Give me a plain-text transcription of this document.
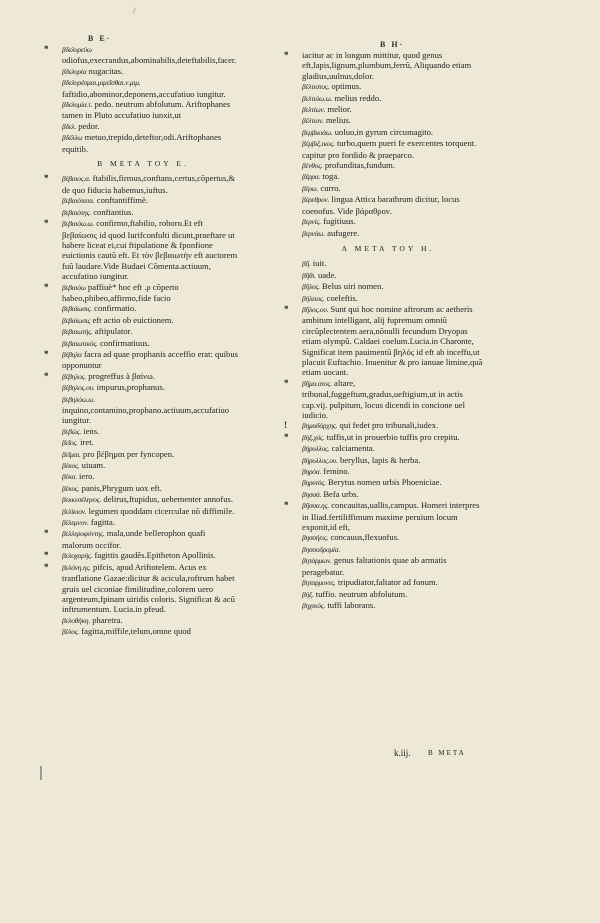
/
B E·
B H·

* βδελυρεύω odiofus,execrandus,abominabilis,deteftabilis,facer.

βδελυρία nugacitas.

βδελυρέσμαι.μιμεῖσθαι.ν.μιμ. faftidio,abominor,deponens,accufatiuo iungitur.

βδελυμία.τ. pedo. neutrum abfolutum. Ariftophanes tamen in Pluto accufatiuo iunxit,ut

βδελ. pedor.

βδέλλω metuo,trepido,deteftor,odi.Ariftophanes equitib.

B META TOY E.

* βέβαιος.α. ftabilis,firmus,conftans,certus,cõpertus,& de quo fiducia habemus,iuftus.

βεβαιότατα. conftantiffimè.

βεβαιότης. conftantius.

* βεβαιόω.ω. confirmo,ftabilio, roboro.Et eft βεβαίωσις id quod Iurifconfulti dicunt,praeftare ut habere liceat ei,cui ftipulatione & fponfione euictionis cautũ eft. Et τὸν βεβαιωτὴν eft auctorem fuũ laudare.Vide Budaei Cõmenta.actiuum, accufatiuo iungitur.

* βεβαιόω paffiuè* hoc eft .ρ cõperto habeo,phibeo,affirmo,fide facio

βεβαίωσις. confirmatio.

βεβαίωσις eft actio ob euictionem.

βεβαιωτής. aftipulator.

βεβαιωτικὸς. confirmatiuus.

* βέβηλα facra ad quae prophanis acceffio erat: quibus opponuntur

* βέβηλος. progreffus à βαίνω.

βέβηλος.ου. impurus,prophanus.

βεβηλόω.ω. inquino,contamino,prophano.actiuum,accufatiuo iungitur.

βεβώς. iens.

βεῖος. iret.

βεῖμαι. pro βέβημαι per fyncopen.

βέκος. uiuam.

βέκα. iero.

βέκος. panis,Phrygum uox eft.

βεκκεσέληνος. delirus,ftupidus, uehementer annofus.

βελίκιον. legumen quoddam cicerculae nõ diffimile.

βέλεμνον. fagitta.

* βελλεροφόντης. mala,unde bellerophon quafi malorum occifor.

* βελοχαρής. fagittis gaudẽs.Epitheton Apollinis.

* βελόνη.ης. pifcis, apud Ariftotelem. Acus ex tranflatione Gazae:dicitur & acicula,roftrum habet gruis uel ciconiae fimilitudine,colorem uero argenteum,fpinam uiridis coloris. Significat & acũ inftrumentum. Lucia.in pfeud.

βελοθήκη. pharetra.

βέλος. fagitta,miffile,telum,omne quod

* iacitur ac in longum mittitur, quod genus eft,lapis,lignum,plumbum,ferrũ, Aliquando etiam gladius,uulnus,dolor.

βέλτιστος. optimus.

βελτιόω.ω. melius reddo.

βελτίων. melior.

βέλτιον. melius.

βεμβικιάω. uoluo,in gyrum circumagito.

βέμβιξ.ικος. turbo,quem pueri fe exercentes torquent. capitur pro fordido & praeparco.

βένθος. profunditas,fundum.

βέρρα. toga.

βέρω. curro.

βέρεθρον. lingua Attica barathrum dicitur, locus coenofus. Vide βάραθρον.

βερνίς. fugitiuus.

βερνάω. aufugere.

A META TOY H.

βῆ. iuit.

βῆθι. uade.

βῆλος. Belus uiri nomen.

βήλειος. coeleftis.

* βῆλος.ου. Sunt qui hoc nomine aftrorum ac aetheris ambitum intelligant, alij fupremum omniũ circũplectentem aera,nõnulli fecundum Dryopas etiam olympũ. Caldaei coelum.Lucia.in Charonte, Significat item pauimentũ βηλός id eft ab inceffu,ut placuit Euftachio. Inuenitur & pro ianuae limine,quã etiam uocant.

* βῆμα.ατος. altare, tribunal,fuggeftum,gradus,ueftigium,ut in actis cap.vij. pulpitum, locus dicendi in concione uel iudicio.

! βημαδάρχης. qui fedet pro tribunali,iudex.

* βήξ.χός. tuffis,ut in prouerbio tuffis pro crepitu.

βήρυλλος. calciamenta.

βήρυλλος.ου. beryllus, lapis & herba.

βηρόα. femino.

βηρυτὸς. Berytus nomen urbis Phoeniciae.

βησσὰ. Befa urbs.

* βῆσσα.ης. concauitas,uallis,campus. Homeri interpres in Iliad.fertiliffimum maxime peruium locum exponit,id eft,

βησσήεις. concauus,flexuofus.

βησσοδρομία.

βητάρμων. genus faltationis quae ab armatis peragebatur.

βηταρμονες. tripudiator,faltator ad fonum.

βήξ. tuffio. neutrum abfolutum.

βηχικός. tuffi laborans.

k.iij. B META
